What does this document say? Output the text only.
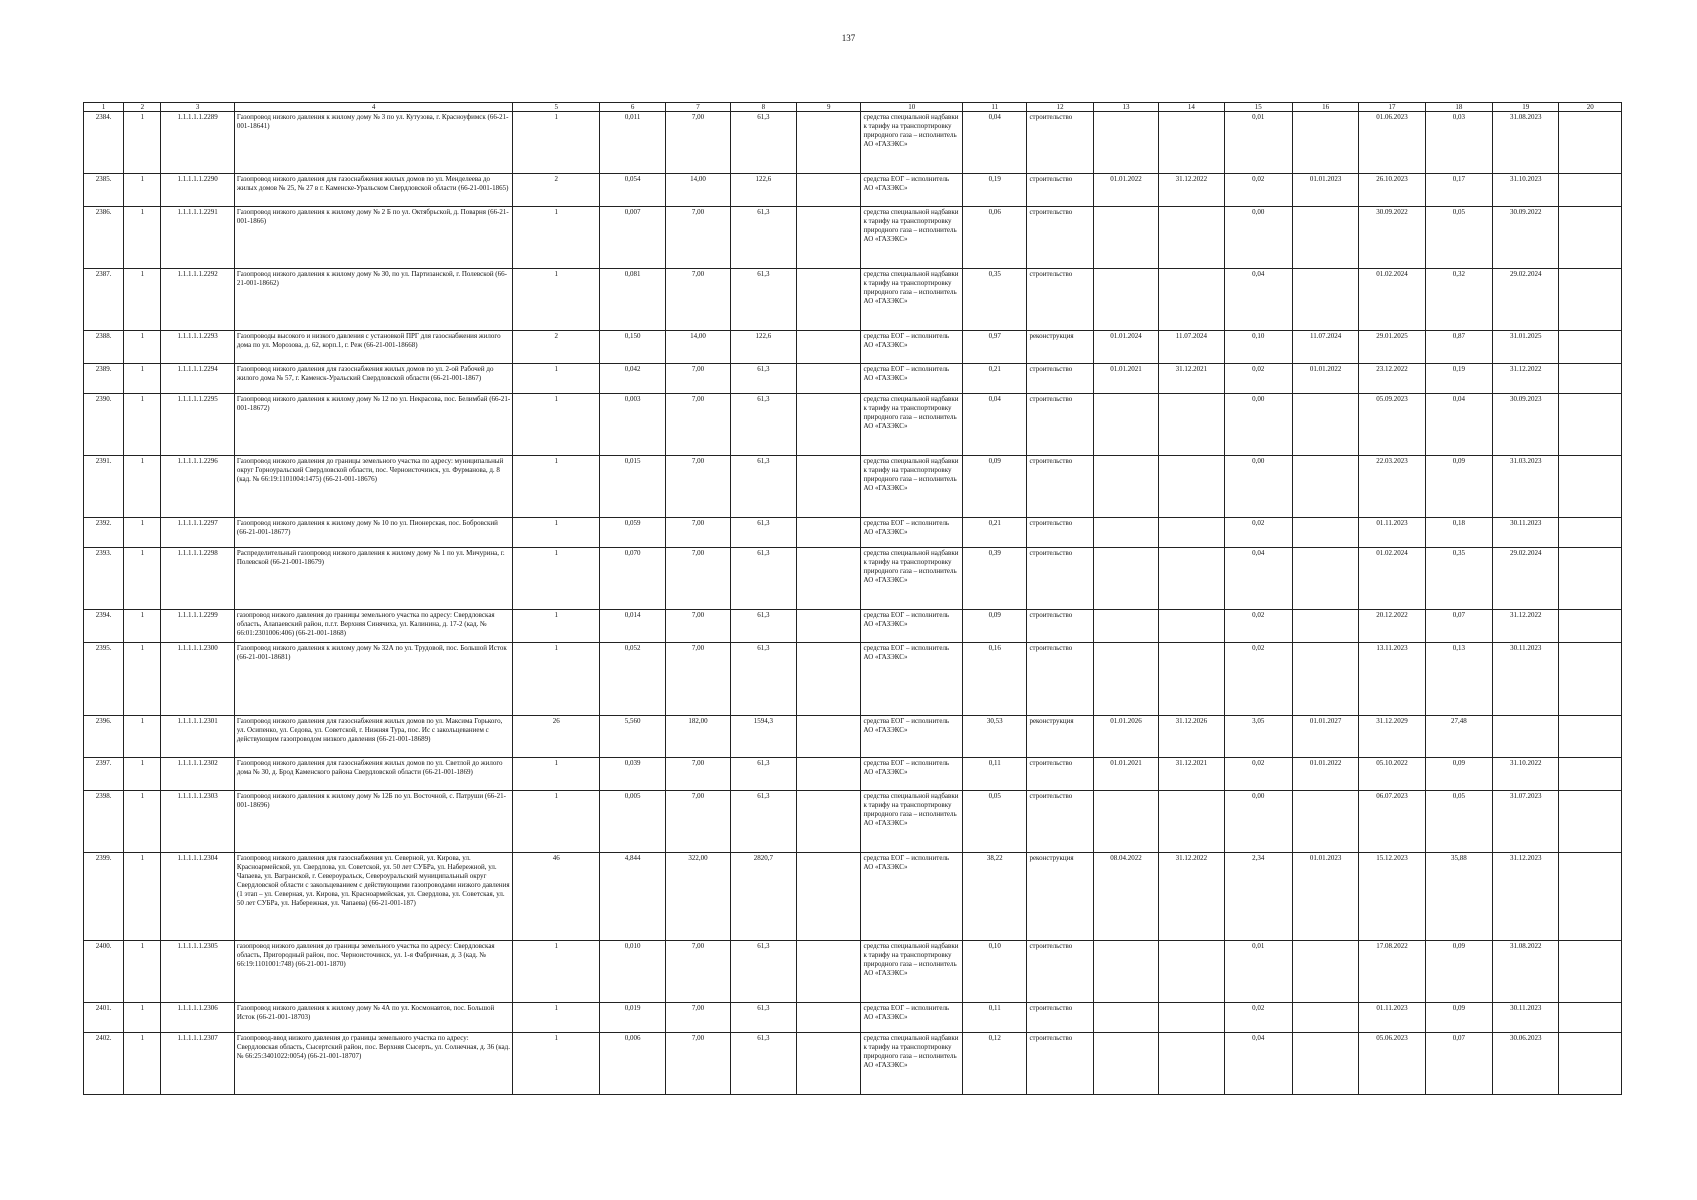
137
1	2	3	4	5	6	7	8	9	10	11	12	13	14	15	16	17	18	19	20
2384.	1	1.1.1.1.1.2289	Газопровод низкого давления к жилому дому № 3 по ул. Кутузова, г. Красноуфимск (66-21-001-18641)	1	0,011	7,00	61,3		средства специальной надбавки к тарифу на транспортировку природного газа – исполнитель АО «ГАЗЭКС»	0,04	строительство			0,01		01.06.2023	0,03	31.08.2023	
2385.	1	1.1.1.1.1.2290	Газопровод низкого давления для газоснабжения жилых домов по ул. Менделеева до жилых домов № 25, № 27 в г. Каменске-Уральском Свердловской области (66-21-001-1865)	2	0,054	14,00	122,6		средства ЕОГ – исполнитель АО «ГАЗЭКС»	0,19	строительство	01.01.2022	31.12.2022	0,02	01.01.2023	26.10.2023	0,17	31.10.2023	
2386.	1	1.1.1.1.1.2291	Газопровод низкого давления к жилому дому № 2 Б по ул. Октябрьской, д. Поварня (66-21-001-1866)	1	0,007	7,00	61,3		средства специальной надбавки к тарифу на транспортировку природного газа – исполнитель АО «ГАЗЭКС»	0,06	строительство			0,00		30.09.2022	0,05	30.09.2022	
2387.	1	1.1.1.1.1.2292	Газопровод низкого давления к жилому дому № 30, по ул. Партизанской, г. Полевской (66-21-001-18662)	1	0,081	7,00	61,3		средства специальной надбавки к тарифу на транспортировку природного газа – исполнитель АО «ГАЗЭКС»	0,35	строительство			0,04		01.02.2024	0,32	29.02.2024	
2388.	1	1.1.1.1.1.2293	Газопроводы высокого и низкого давления с установкой ПРГ для газоснабжения жилого дома по ул. Морозова, д. 62, корп.1, г. Реж (66-21-001-18668)	2	0,150	14,00	122,6		средства ЕОГ – исполнитель АО «ГАЗЭКС»	0,97	реконструкция	01.01.2024	11.07.2024	0,10	11.07.2024	29.01.2025	0,87	31.01.2025	
2389.	1	1.1.1.1.1.2294	Газопровод низкого давления для газоснабжения жилых домов по ул. 2-ой Рабочей до жилого дома № 57, г. Каменск-Уральский Свердловской области (66-21-001-1867)	1	0,042	7,00	61,3		средства ЕОГ – исполнитель АО «ГАЗЭКС»	0,21	строительство	01.01.2021	31.12.2021	0,02	01.01.2022	23.12.2022	0,19	31.12.2022	
2390.	1	1.1.1.1.1.2295	Газопровод низкого давления к жилому дому № 12 по ул. Некрасова, пос. Белимбай (66-21-001-18672)	1	0,003	7,00	61,3		средства специальной надбавки к тарифу на транспортировку природного газа – исполнитель АО «ГАЗЭКС»	0,04	строительство			0,00		05.09.2023	0,04	30.09.2023	
2391.	1	1.1.1.1.1.2296	Газопровод низкого давления до границы земельного участка по адресу: муниципальный округ Горноуральский Свердловской области, пос. Черноисточинск, ул. Фурманова, д. 8 (кад. № 66:19:1101004:1475) (66-21-001-18676)	1	0,015	7,00	61,3		средства специальной надбавки к тарифу на транспортировку природного газа – исполнитель АО «ГАЗЭКС»	0,09	строительство			0,00		22.03.2023	0,09	31.03.2023	
2392.	1	1.1.1.1.1.2297	Газопровод низкого давления к жилому дому № 10 по ул. Пионерская, пос. Бобровский (66-21-001-18677)	1	0,059	7,00	61,3		средства ЕОГ – исполнитель АО «ГАЗЭКС»	0,21	строительство			0,02		01.11.2023	0,18	30.11.2023	
2393.	1	1.1.1.1.1.2298	Распределительный газопровод низкого давления к жилому дому № 1 по ул. Мичурина, г. Полевской (66-21-001-18679)	1	0,070	7,00	61,3		средства специальной надбавки к тарифу на транспортировку природного газа – исполнитель АО «ГАЗЭКС»	0,39	строительство			0,04		01.02.2024	0,35	29.02.2024	
2394.	1	1.1.1.1.1.2299	газопровод низкого давления до границы земельного участка по адресу: Свердловская область, Алапаевский район, п.г.т. Верхняя Синячиха, ул. Калинина, д. 17-2 (кад. № 66:01:2301006:406) (66-21-001-1868)	1	0,014	7,00	61,3		средства ЕОГ – исполнитель АО «ГАЗЭКС»	0,09	строительство			0,02		20.12.2022	0,07	31.12.2022	
2395.	1	1.1.1.1.1.2300	Газопровод низкого давления к жилому дому № 32А по ул. Трудовой, пос. Большой Исток (66-21-001-18681)	1	0,052	7,00	61,3		средства ЕОГ – исполнитель АО «ГАЗЭКС»	0,16	строительство			0,02		13.11.2023	0,13	30.11.2023	
2396.	1	1.1.1.1.1.2301	Газопровод низкого давления для газоснабжения жилых домов по ул. Максима Горького, ул. Осипенко, ул. Седова, ул. Советской, г. Нижняя Тура, пос. Ис с закольцеванием с действующим газопроводом низкого давления (66-21-001-18689)	26	5,560	182,00	1594,3		средства ЕОГ – исполнитель АО «ГАЗЭКС»	30,53	реконструкция	01.01.2026	31.12.2026	3,05	01.01.2027	31.12.2029	27,48		
2397.	1	1.1.1.1.1.2302	Газопровод низкого давления для газоснабжения жилых домов по ул. Светлой до жилого дома № 30, д. Брод Каменского района Свердловской области (66-21-001-1869)	1	0,039	7,00	61,3		средства ЕОГ – исполнитель АО «ГАЗЭКС»	0,11	строительство	01.01.2021	31.12.2021	0,02	01.01.2022	05.10.2022	0,09	31.10.2022	
2398.	1	1.1.1.1.1.2303	Газопровод низкого давления к жилому дому № 12Б по ул. Восточной, с. Патруши (66-21-001-18696)	1	0,005	7,00	61,3		средства специальной надбавки к тарифу на транспортировку природного газа – исполнитель АО «ГАЗЭКС»	0,05	строительство			0,00		06.07.2023	0,05	31.07.2023	
2399.	1	1.1.1.1.1.2304	Газопровод низкого давления для газоснабжения ул. Северной, ул. Кирова, ул. Красноармейской, ул. Свердлова, ул. Советской, ул. 50 лет СУБРа, ул. Набережной, ул. Чапаева, ул. Вагранской, г. Североуральск, Североуральский муниципальный округ Свердловской области с закольцеванием с действующими газопроводами низкого давления (1 этап – ул. Северная, ул. Кирова, ул. Красноармейская, ул. Свердлова, ул. Советская, ул. 50 лет СУБРа, ул. Набережная, ул. Чапаева) (66-21-001-187)	46	4,844	322,00	2820,7		средства ЕОГ – исполнитель АО «ГАЗЭКС»	38,22	реконструкция	08.04.2022	31.12.2022	2,34	01.01.2023	15.12.2023	35,88	31.12.2023	
2400.	1	1.1.1.1.1.2305	газопровод низкого давления до границы земельного участка по адресу: Свердловская область, Пригородный район, пос. Черноисточинск, ул. 1-я Фабричная, д. 3 (кад. № 66:19:1101001:748) (66-21-001-1870)	1	0,010	7,00	61,3		средства специальной надбавки к тарифу на транспортировку природного газа – исполнитель АО «ГАЗЭКС»	0,10	строительство			0,01		17.08.2022	0,09	31.08.2022	
2401.	1	1.1.1.1.1.2306	Газопровод низкого давления к жилому дому № 4А по ул. Космонавтов, пос. Большой Исток (66-21-001-18703)	1	0,019	7,00	61,3		средства ЕОГ – исполнитель АО «ГАЗЭКС»	0,11	строительство			0,02		01.11.2023	0,09	30.11.2023	
2402.	1	1.1.1.1.1.2307	Газопровод-ввод низкого давления до границы земельного участка по адресу: Свердловская область, Сысертский район, пос. Верхняя Сысерть, ул. Солнечная, д. 36 (кад. № 66:25:3401022:0054) (66-21-001-18707)	1	0,006	7,00	61,3		средства специальной надбавки к тарифу на транспортировку природного газа – исполнитель АО «ГАЗЭКС»	0,12	строительство			0,04		05.06.2023	0,07	30.06.2023	
